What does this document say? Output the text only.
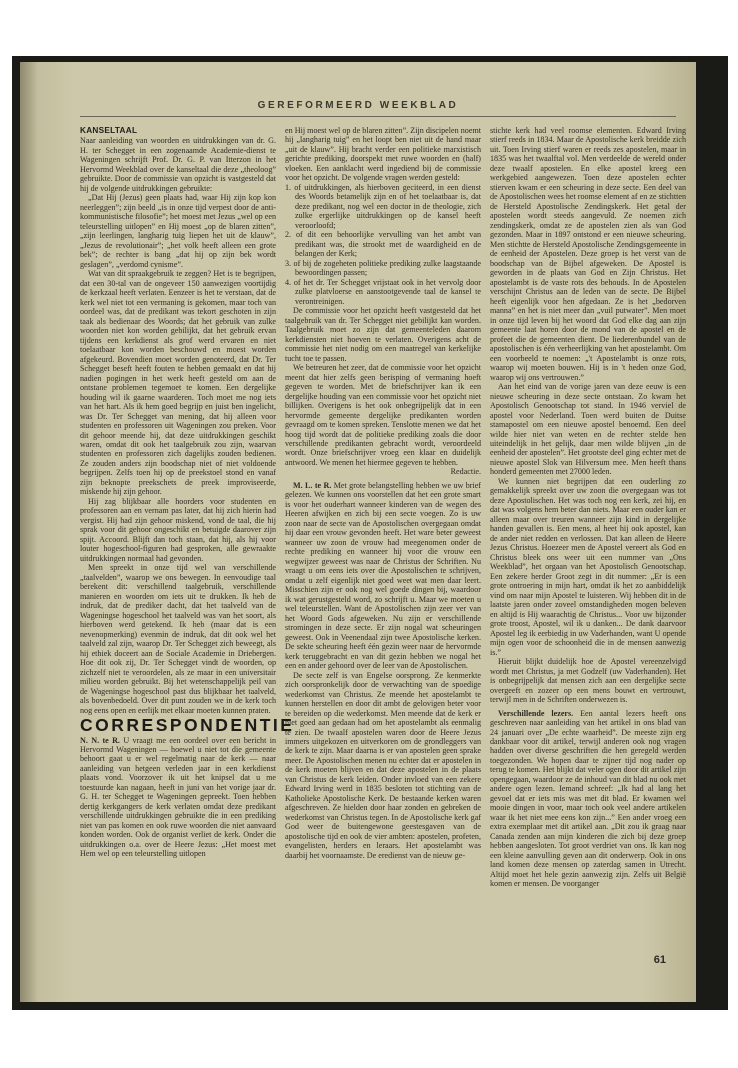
GEREFORMEERD WEEKBLAD
KANSELTAAL

Naar aanleiding van woorden en uitdrukkingen van dr. G. H. ter Schegget in een zogenaamde Academie-dienst te Wageningen schrijft Prof. Dr. G. P. van Itterzon in het Hervormd Weekblad over de kanseltaal die deze „theoloog” gebruikte. Door de commissie van opzicht is vastgesteld dat hij de volgende uitdrukkingen gebruikte:

„Dat Hij (Jezus) geen plaats had, waar Hij zijn kop kon neerleggen”; zijn beeld „is in onze tijd verpest door de anti-kommunistische filosofie”; het moest met Jezus „wel op een teleurstelling uitlopen” en Hij moest „op de blaren zitten”, „zijn leerlingen, langharig tuig liepen het uit de klauw”, „Jezus de revolutionair”; „het volk heeft alleen een grote bek”; de rechter is bang „dat hij op zijn bek wordt geslagen”, „verdomd cynisme”.

Wat van dit spraakgebruik te zeggen? Het is te begrijpen, dat een 30-tal van de ongeveer 150 aanwezigen voortijdig de kerkzaal heeft verlaten. Eenzeer is het te verstaan, dat de kerk wel niet tot een vermaning is gekomen, maar toch van oordeel was, dat de predikant was tekort geschoten in zijn taak als bedienaar des Woords; dat het gebruik van zulke woorden niet kon worden gebilijkt, dat het gebruik ervan tijdens een kerkdienst als grof werd ervaren en niet toelaatbaar kon worden beschouwd en moest worden afgekeurd. Bovendien moet worden genoteerd, dat Dr. Ter Schegget beseft heeft fouten te hebben gemaakt en dat hij nadien pogingen in het werk heeft gesteld om aan de ontstane problemen tegemoet te komen. Een dergelijke houding wil ik gaarne waarderen. Toch moet me nog iets van het hart. Als ik hem goed begrijp en juist ben ingelicht, was Dr. Ter Schegget van mening, dat hij alleen voor studenten en professoren uit Wageningen zou preken. Voor dit gehoor meende hij, dat deze uitdrukkingen geschikt waren, omdat dit ook het taalgebruik zou zijn, waarvan studenten en professoren zich dagelijks zouden bedienen. Ze zouden anders zijn boodschap niet of niet voldoende begrijpen. Zelfs toen hij op de preekstoel stond en vanaf zijn beknopte preekschets de preek improviseerde, miskende hij zijn gehoor.

Hij zag blijkbaar alle hoorders voor studenten en professoren aan en vernam pas later, dat hij zich hierin had vergist. Hij had zijn gehoor miskend, vond de taal, die hij sprak voor dit gehoor ongeschikt en betuigde daarover zijn spijt. Accoord. Blijft dan toch staan, dat hij, als hij voor louter hogeschool-figuren had gesproken, alle gewraakte uitdrukkingen normaal had gevonden.

Men spreekt in onze tijd wel van verschillende „taalvelden”, waarop we ons bewegen. In eenvoudige taal berekent dit: verschillend taalgebruik, verschillende manieren en woorden om iets uit te drukken. Ik heb de indruk, dat de prediker dacht, dat het taalveld van de Wageningse hogeschool het taalveld was van het soort, als hierboven werd getekend. Ik heb (maar dat is een nevenopmerking) evenmin de indruk, dat dit ook wel het taalveld zal zijn, waarop Dr. Ter Schegget zich beweegt, als hij ethiek doceert aan de Sociale Academie in Driebergen. Hoe dit ook zij, Dr. Ter Schegget vindt de woorden, op zichzelf niet te veroordelen, als ze maar in een universitair milieu worden gebruikt. Bij het wetenschappelijk peil van de Wageningse hogeschool past dus blijkbaar het taalveld, als bovenbedoeld. Over dit punt zouden we in de kerk toch nog eens open en eerlijk met elkaar moeten kunnen praten.

CORRESPONDENTIE

N. N. te R. U vraagt me een oordeel over een bericht in Hervormd Wageningen — hoewel u niet tot die gemeente behoort gaat u er wel regelmatig naar de kerk — naar aanleiding van hetgeen verleden jaar in een kerkdienst plaats vond. Voorzover ik uit het knipsel dat u me toestuurde kan nagaan, heeft in juni van het vorige jaar dr. G. H. ter Schegget te Wageningen gepreekt. Toen hebben dertig kerkgangers de kerk verlaten omdat deze predikant verschillende uitdrukkingen gebruikte die in een prediking niet van pas komen en ook ruwe woorden die niet aanvaard konden worden. Ook de organist verliet de kerk. Onder die uitdrukkingen o.a. over de Heere Jezus: „Het moest met Hem wel op een teleurstelling uitlopen

en Hij moest wel op de blaren zitten”. Zijn discipelen noemt hij „langharig tuig” en het loopt ben niet uit de hand maar „uit de klauw”. Hij bracht verder een politieke marxistisch gerichte prediking, doorspekt met ruwe woorden en (half) vloeken. Een aanklacht werd ingediend bij de commissie voor het opzicht. De volgende vragen werden gesteld:

1. of uitdrukkingen, als hierboven geciteerd, in een dienst des Woords betamelijk zijn en of het toelaatbaar is, dat deze predikant, nog wel een doctor in de theologie, zich zulke ergerlijke uitdrukkingen op de kansel heeft veroorloofd;

2. of dit een behoorlijke vervulling van het ambt van predikant was, die strookt met de waardigheid en de belangen der Kerk;

3. of bij de zogeheten politieke prediking zulke laagstaande bewoordingen passen;

4. of het dr. Ter Schegget vrijstaat ook in het vervolg door zulke platvloerse en aanstootgevende taal de kansel te verontreinigen.

De commissie voor het opzicht heeft vastgesteld dat het taalgebruik van dr. Ter Schegget niet gebilijkt kan worden. Taalgebruik moet zo zijn dat gemeenteleden daarom kerkdiensten niet hoeven te verlaten. Overigens acht de commissie het niet nodig om een maatregel van kerkelijke tucht toe te passen.

We betreuren het zeer, dat de commissie voor het opzicht meent dat hier zelfs geen berisping of vermaning hoeft gegeven te worden. Met de briefschrijver kan ik een dergelijke houding van een commissie voor het opzicht niet billijken. Overigens is het ook onbegrijpelijk dat in een hervormde gemeente dergelijke predikanten worden gevraagd om te komen spreken. Tenslotte menen we dat het hoog tijd wordt dat de politieke prediking zoals die door verschillende predikanten gebracht wordt, veroordeeld wordt. Onze briefschrijver vroeg een klaar en duidelijk antwoord. We menen het hiermee gegeven te hebben.

Redactie.

M. L. te R. Met grote belangstelling hebben we uw brief gelezen. We kunnen ons voorstellen dat het een grote smart is voor het ouderhart wanneer kinderen van de wegen des Heeren afwijken en zich bij een secte voegen. Zo is uw zoon naar de secte van de Apostolischen overgegaan omdat hij daar een vrouw gevonden heeft. Het ware beter geweest wanneer uw zoon de vrouw had meegenomen onder de rechte prediking en wanneer hij voor die vrouw een wegwijzer geweest was naar de Christus der Schriften. Nu vraagt u om eens iets over die Apostolischen te schrijven, omdat u zelf eigenlijk niet goed weet wat men daar leert. Misschien zijn er ook nog wel goede dingen bij, waardoor ik wat gerustgesteld word, zo schrijft u. Maar we moeten u wel teleurstellen. Want de Apostolischen zijn zeer ver van het Woord Gods afgeweken. Nu zijn er verschillende stromingen in deze secte. Er zijn nogal wat scheuringen geweest. Ook in Veenendaal zijn twee Apostolische kerken. De sekte scheuring heeft één gezin weer naar de hervormde kerk teruggebracht en van dit gezin hebben we nogal het een en ander gehoord over de leer van de Apostolischen.

De secte zelf is van Engelse oorsprong. Ze kenmerkte zich oorspronkelijk door de verwachting van de spoedige wederkomst van Christus. Ze meende het apostelambt te kunnen herstellen en door dit ambt de gelovigen beter voor te bereiden op die wederkomst. Men meende dat de kerk er niet goed aan gedaan had om het apostelambt als eenmalig te zien. De twaalf apostelen waren door de Heere Jezus immers uitgekozen en uitverkoren om de grondleggers van de kerk te zijn. Maar daarna is er van apostelen geen sprake meer. De Apostolischen menen nu echter dat er apostelen in de kerk moeten blijven en dat deze apostelen in de plaats van Christus de kerk leiden. Onder invloed van een zekere Edward Irving werd in 1835 besloten tot stichting van de Katholieke Apostolische Kerk. De bestaande kerken waren afgeschreven. Ze hielden door haar zonden en gebreken de wederkomst van Christus tegen. In de Apostolische kerk gaf God weer de buitengewone geestesgaven van de apostolische tijd en ook de vier ambten: apostelen, profeten, evangelisten, herders en leraars. Het apostelambt was daarbij het voornaamste. De eredienst van de nieuw ge-

stichte kerk had veel roomse elementen. Edward Irving stierf reeds in 1834. Maar de Apostolische kerk breidde zich uit. Toen Irving stierf waren er reeds zes apostelen, maar in 1835 was het twaalftal vol. Men verdeelde de wereld onder deze twaalf apostelen. En elke apostel kreeg een werkgebied aangewezen. Toen deze apostelen echter stierven kwam er een scheuring in deze secte. Een deel van de Apostolischen wees het roomse element af en ze stichtten de Hersteld Apostolische Zendingskerk. Het getal der apostelen wordt steeds aangevuld. Ze noemen zich zendingskerk, omdat ze de apostelen zien als van God gezonden. Maar in 1897 ontstond er een nieuwe scheuring. Men stichtte de Hersteld Apostolische Zendingsgemeente in de eenheid der Apostelen. Deze groep is het verst van de boodschap van de Bijbel afgeweken. De Apostel is geworden in de plaats van God en Zijn Christus. Het apostelambt is de vaste rots des behouds. In de Apostelen verschijnt Christus aan de leden van de secte. De Bijbel heeft eigenlijk voor hen afgedaan. Ze is het „bedorven manna” en het is niet meer dan „vuil putwater”. Men moet in onze tijd leven bij het woord dat God elke dag aan zijn gemeente laat horen door de mond van de apostel en de profeet die de gemeenten dient. De liederenbundel van de apostolischen is één verheerlijking van het apostelambt. Om een voorbeeld te noemen: „'t Apostelambt is onze rots, waarop wij moeten bouwen. Hij is in 't heden onze God, waarop wij ons vertrouwen.”

Aan het eind van de vorige jaren van deze eeuw is een nieuwe scheuring in deze secte ontstaan. Zo kwam het Apostolisch Genootschap tot stand. In 1946 verviel de apostel voor Nederland. Toen werd buiten de Duitse stamapostel om een nieuwe apostel benoemd. Een deel wilde hier niet van weten en de rechter stelde hen uiteindelijk in het gelijk, daar men wilde blijven „in de eenheid der apostelen”. Het grootste deel ging echter met de nieuwe apostel Slok van Hilversum mee. Men heeft thans honderd gemeenten met 27000 leden.

We kunnen niet begrijpen dat een ouderling zo gemakkelijk spreekt over uw zoon die overgegaan was tot deze Apostolischen. Het was toch nog een kerk, zei hij, en dat was volgens hem beter dan niets. Maar een ouder kan er alleen maar over treuren wanneer zijn kind in dergelijke handen gevallen is. Een mens, al heet hij ook apostel, kan de ander niet redden en verlossen. Dat kan alleen de Heere Jezus Christus. Hoezeer men de Apostel vereert als God en Christus bleek ons weer uit een nummer van „Ons Weekblad”, het orgaan van het Apostolisch Genootschap. Een zekere herder Groot zegt in dit nummer: „Er is een grote ontroering in mijn hart, omdat ik het zo aanbiddelijk vind om naar mijn Apostel te luisteren. Wij hebben dit in de laatste jaren onder zoveel omstandigheden mogen beleven en altijd is Hij waarachtig de Christus... Voor uw bijzonder grote troost, Apostel, wil ik u danken... De dank daarvoor Apostel leg ik eerbiedig in uw Vaderhanden, want U opende mijn ogen voor de schoonheid die in de mensen aanwezig is.”

Hieruit blijkt duidelijk hoe de Apostel vereenzelvigd wordt met Christus, ja met Godzelf (uw Vaderhanden). Het is onbegrijpelijk dat mensen zich aan een dergelijke secte overgeeft en zozeer op een mens bouwt en vertrouwt, terwijl men in de Schriften onderwezen is.

Verschillende lezers. Een aantal lezers heeft ons geschreven naar aanleiding van het artikel in ons blad van 24 januari over „De echte waarheid”. De meeste zijn erg dankbaar voor dit artikel, terwijl anderen ook nog vragen hadden over diverse geschriften die hen geregeld werden toegezonden. We hopen daar te zijner tijd nog nader op terug te komen. Het blijkt dat veler ogen door dit artikel zijn opengegaan, waardoor ze de inhoud van dit blad nu ook met andere ogen lezen. Iemand schreef: „Ik had al lang het gevoel dat er iets mis was met dit blad. Er kwamen wel mooie dingen in voor, maar toch ook veel andere artikelen waar ik het niet mee eens kon zijn...” Een ander vroeg een extra exemplaar met dit artikel aan. „Dit zou ik graag naar Canada zenden aan mijn kinderen die zich bij deze groep hebben aangesloten. Tot groot verdriet van ons. Ik kan nog een kleine aanvulling geven aan dit onderwerp. Ook in ons land komen deze mensen op zaterdag samen in Utrecht. Altijd moet het hele gezin aanwezig zijn. Zelfs uit België komen er mensen. De voorganger

61
